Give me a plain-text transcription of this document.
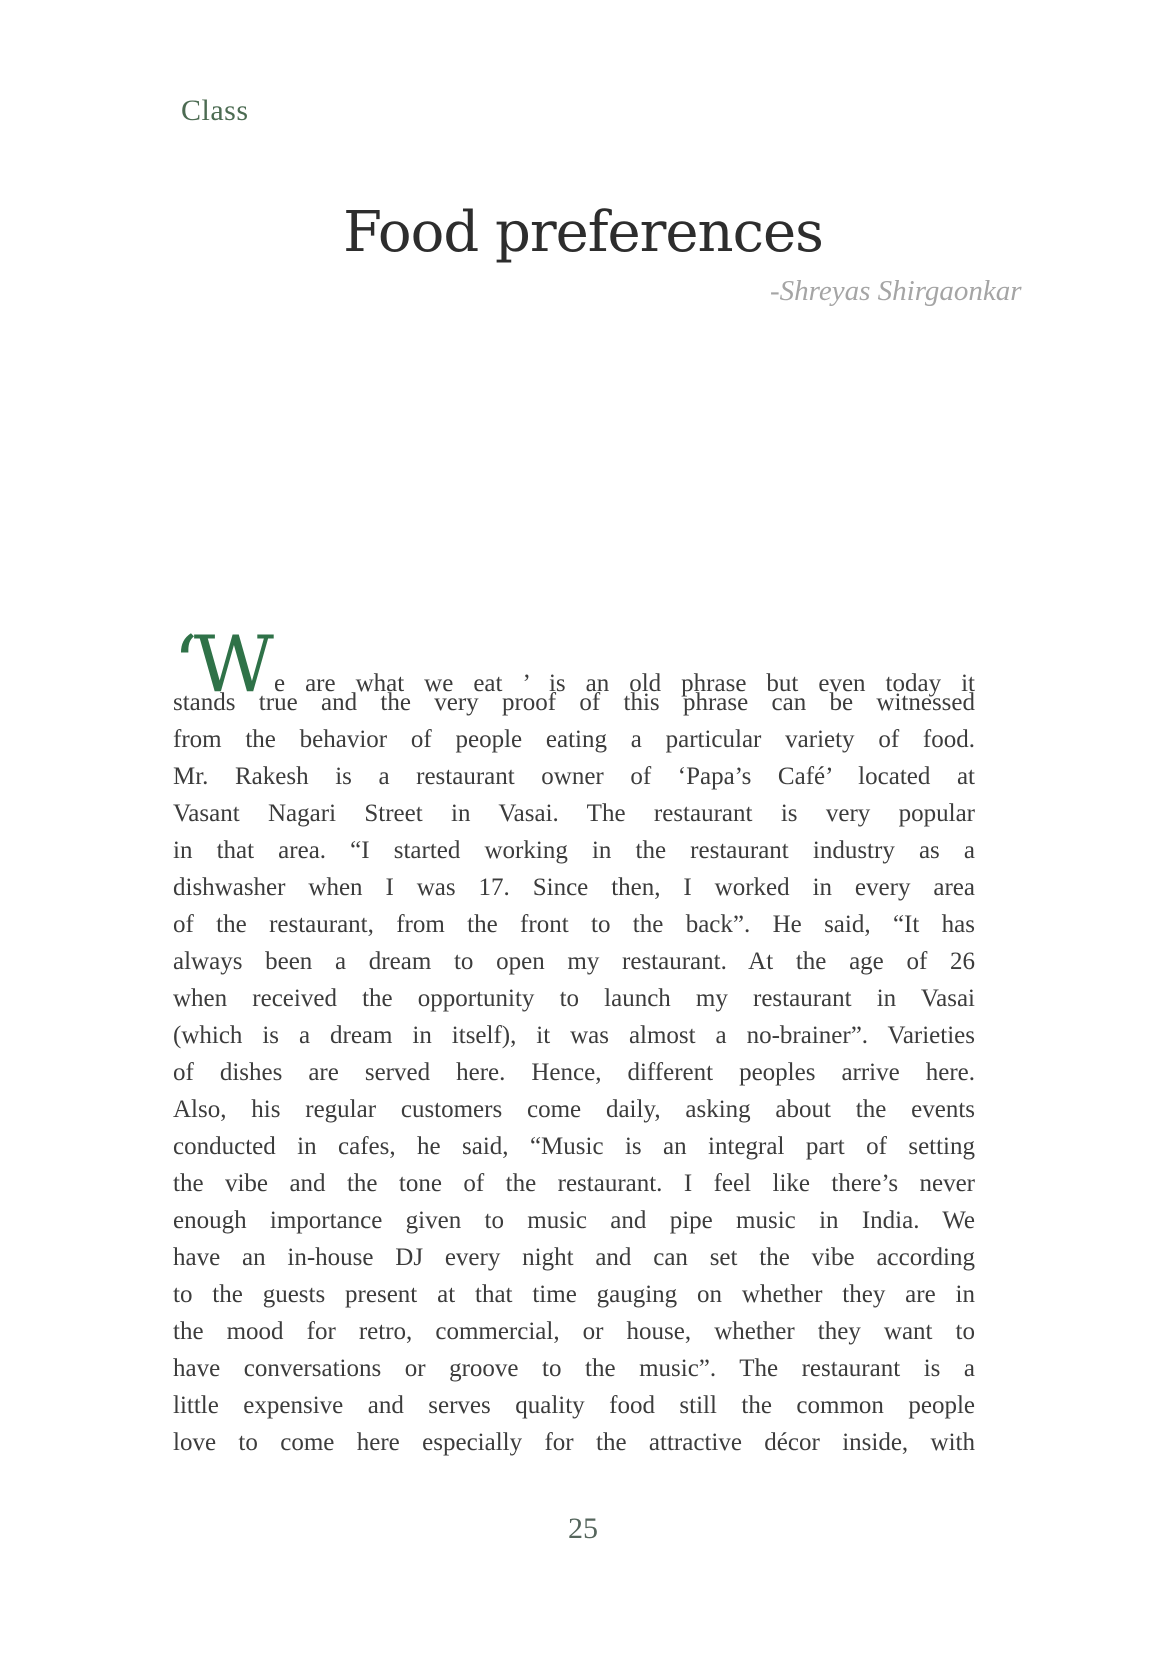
Class
Food preferences
-Shreyas Shirgaonkar
‘We are what we eat ’ is an old phrase but even today it
stands true and the very proof of this phrase can be witnessed
from the behavior of people eating a particular variety of food.
Mr. Rakesh is a restaurant owner of ‘Papa’s Café’ located at
Vasant Nagari Street in Vasai. The restaurant is very popular
in that area. “I started working in the restaurant industry as a
dishwasher when I was 17. Since then, I worked in every area
of the restaurant, from the front to the back”. He said, “It has
always been a dream to open my restaurant. At the age of 26
when received the opportunity to launch my restaurant in Vasai
(which is a dream in itself), it was almost a no-brainer”. Varieties
of dishes are served here. Hence, different peoples arrive here.
Also, his regular customers come daily, asking about the events
conducted in cafes, he said, “Music is an integral part of setting
the vibe and the tone of the restaurant. I feel like there’s never
enough importance given to music and pipe music in India. We
have an in-house DJ every night and can set the vibe according
to the guests present at that time gauging on whether they are in
the mood for retro, commercial, or house, whether they want to
have conversations or groove to the music”. The restaurant is a
little expensive and serves quality food still the common people
love to come here especially for the attractive décor inside, with
25
